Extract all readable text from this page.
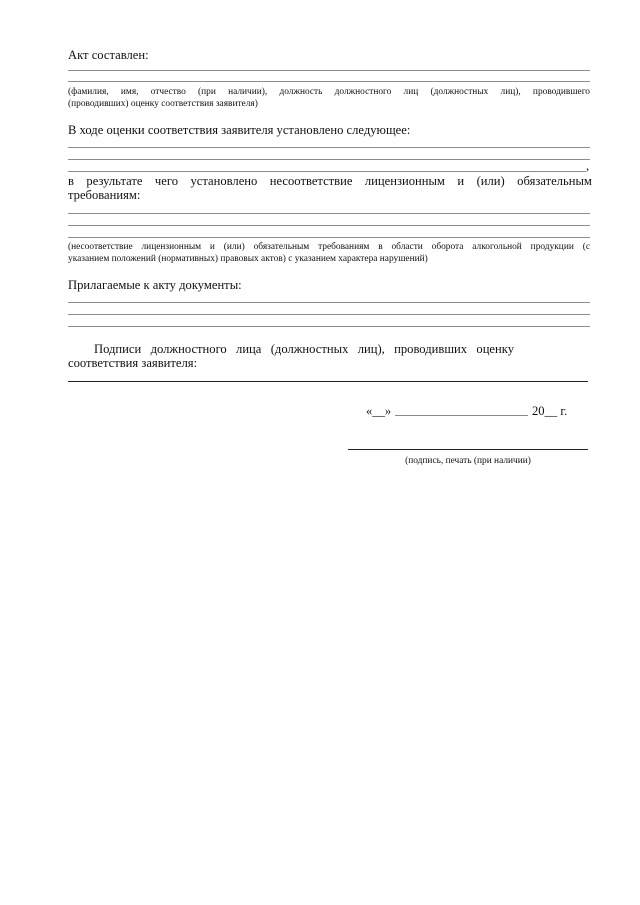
Акт составлен:
(фамилия, имя, отчество (при наличии), должность должностного лиц (должностных лиц), проводившего
(проводивших) оценку соответствия заявителя)
В ходе оценки соответствия заявителя установлено следующее:
,
в результате чего установлено несоответствие лицензионным и (или) обязательным
требованиям:
(несоответствие лицензионным и (или) обязательным требованиям в области оборота алкогольной продукции (с
указанием положений (нормативных) правовых актов) с указанием характера нарушений)
Прилагаемые к акту документы:
Подписи должностного лица (должностных лиц), проводивших оценку
соответствия заявителя:
«__»	20__ г.
(подпись, печать (при наличии)
